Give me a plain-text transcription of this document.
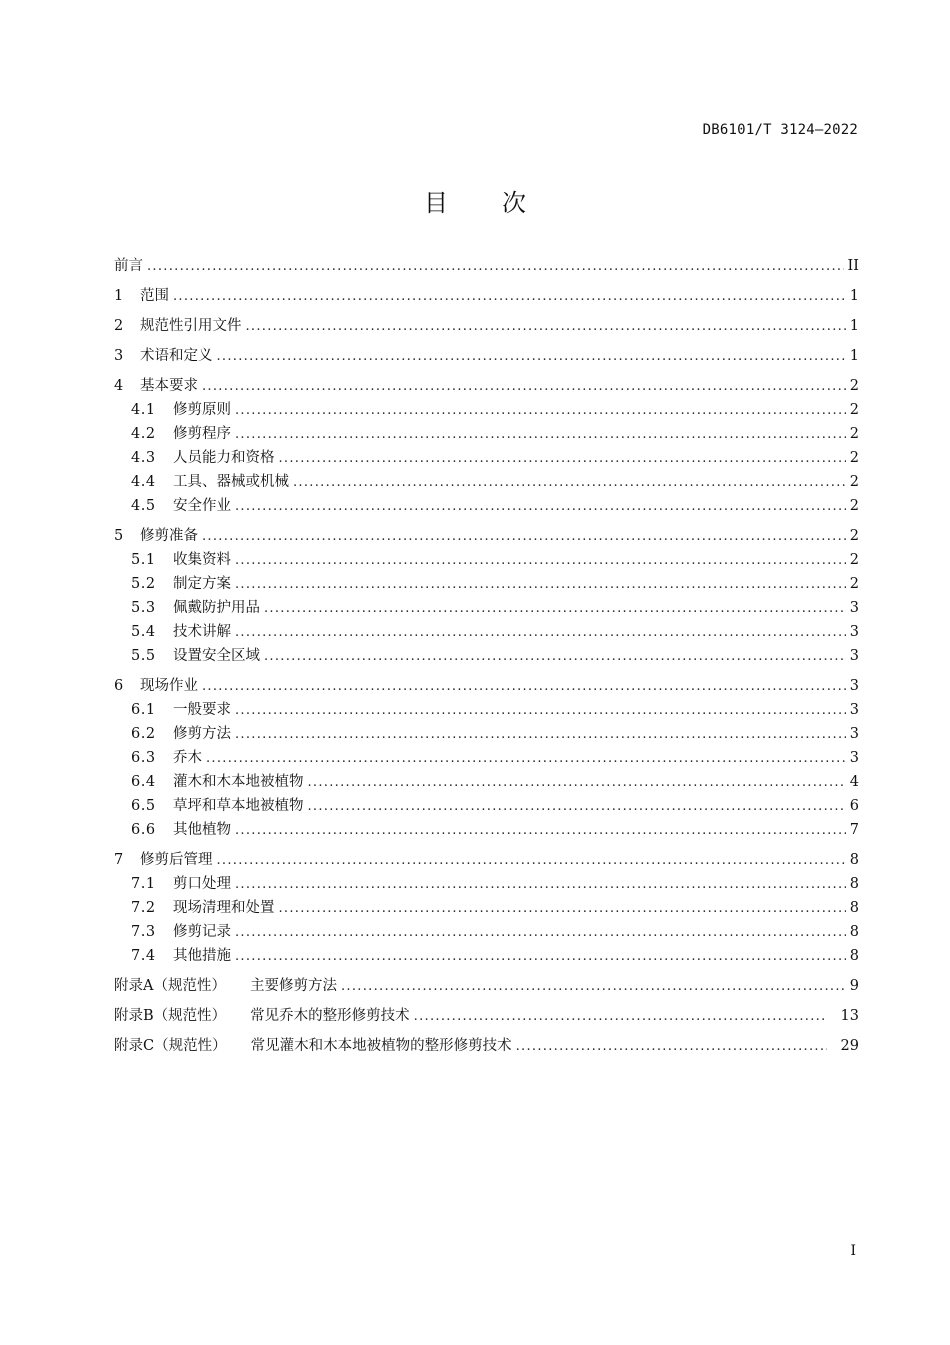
DB6101/T 3124—2022
目 次
前言 .....	II
1	范围 .....	1
2	规范性引用文件 .....	1
3	术语和定义 .....	1
4	基本要求 .....	2
4.1	修剪原则 .....	2
4.2	修剪程序 .....	2
4.3	人员能力和资格 .....	2
4.4	工具、器械或机械 .....	2
4.5	安全作业 .....	2
5	修剪准备 .....	2
5.1	收集资料 .....	2
5.2	制定方案 .....	2
5.3	佩戴防护用品 .....	3
5.4	技术讲解 .....	3
5.5	设置安全区域 .....	3
6	现场作业 .....	3
6.1	一般要求 .....	3
6.2	修剪方法 .....	3
6.3	乔木 .....	3
6.4	灌木和木本地被植物 .....	4
6.5	草坪和草本地被植物 .....	6
6.6	其他植物 .....	7
7	修剪后管理 .....	8
7.1	剪口处理 .....	8
7.2	现场清理和处置 .....	8
7.3	修剪记录 .....	8
7.4	其他措施 .....	8
附录A（规范性） 主要修剪方法 .....	9
附录B（规范性） 常见乔木的整形修剪技术 .....	13
附录C（规范性） 常见灌木和木本地被植物的整形修剪技术 .....	29
I
